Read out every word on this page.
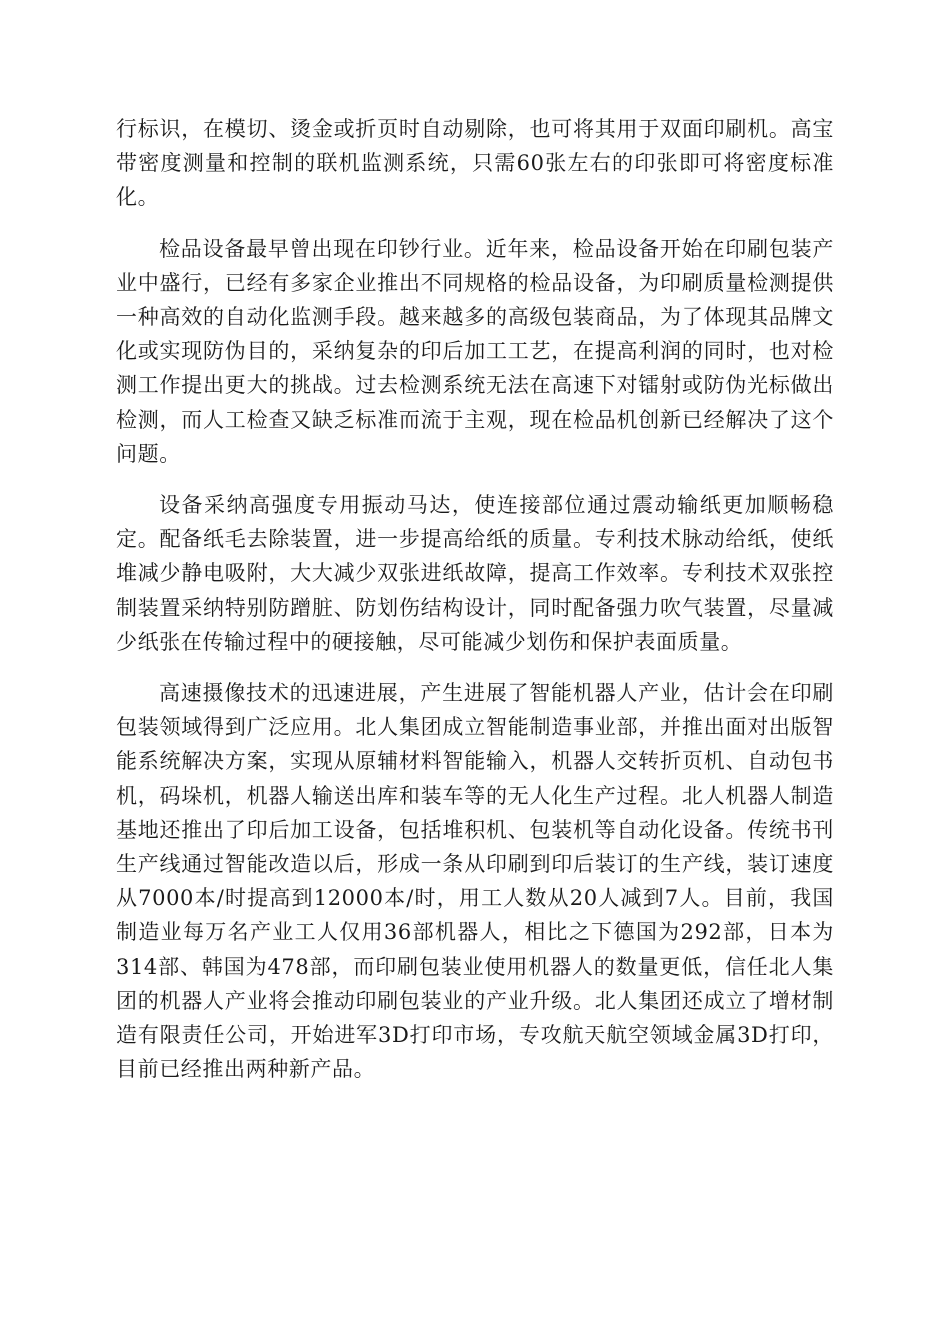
行标识，在模切、烫金或折页时自动剔除，也可将其用于双面印刷机。高宝带密度测量和控制的联机监测系统，只需60张左右的印张即可将密度标准化。

检品设备最早曾出现在印钞行业。近年来，检品设备开始在印刷包装产业中盛行，已经有多家企业推出不同规格的检品设备，为印刷质量检测提供一种高效的自动化监测手段。越来越多的高级包装商品，为了体现其品牌文化或实现防伪目的，采纳复杂的印后加工工艺，在提高利润的同时，也对检测工作提出更大的挑战。过去检测系统无法在高速下对镭射或防伪光标做出检测，而人工检查又缺乏标准而流于主观，现在检品机创新已经解决了这个问题。

设备采纳高强度专用振动马达，使连接部位通过震动输纸更加顺畅稳定。配备纸毛去除装置，进一步提高给纸的质量。专利技术脉动给纸，使纸堆减少静电吸附，大大减少双张进纸故障，提高工作效率。专利技术双张控制装置采纳特别防蹭脏、防划伤结构设计，同时配备强力吹气装置，尽量减少纸张在传输过程中的硬接触，尽可能减少划伤和保护表面质量。

高速摄像技术的迅速进展，产生进展了智能机器人产业，估计会在印刷包装领域得到广泛应用。北人集团成立智能制造事业部，并推出面对出版智能系统解决方案，实现从原辅材料智能输入，机器人交转折页机、自动包书机，码垛机，机器人输送出库和装车等的无人化生产过程。北人机器人制造基地还推出了印后加工设备，包括堆积机、包装机等自动化设备。传统书刊生产线通过智能改造以后，形成一条从印刷到印后装订的生产线，装订速度从7000本/时提高到12000本/时，用工人数从20人减到7人。目前，我国制造业每万名产业工人仅用36部机器人，相比之下德国为292部，日本为314部、韩国为478部，而印刷包装业使用机器人的数量更低，信任北人集团的机器人产业将会推动印刷包装业的产业升级。北人集团还成立了增材制造有限责任公司，开始进军3D打印市场，专攻航天航空领域金属3D打印，目前已经推出两种新产品。
